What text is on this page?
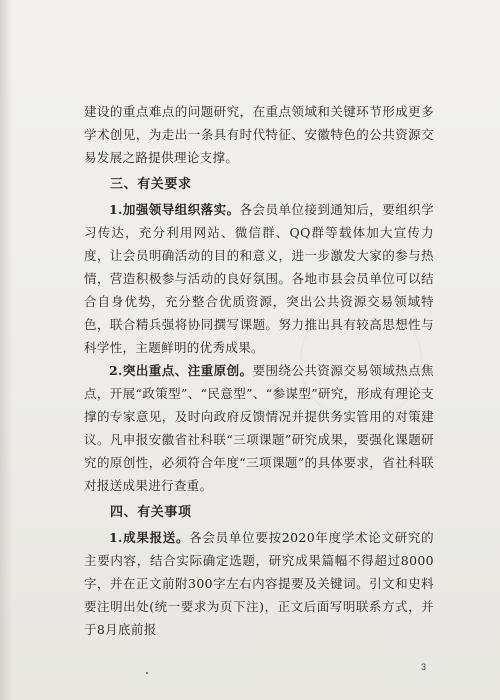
建设的重点难点的问题研究，在重点领域和关键环节形成更多学术创见，为走出一条具有时代特征、安徽特色的公共资源交易发展之路提供理论支撑。

三、有关要求

1.加强领导组织落实。各会员单位接到通知后，要组织学习传达，充分利用网站、微信群、QQ群等载体加大宣传力度，让会员明确活动的目的和意义，进一步激发大家的参与热情，营造积极参与活动的良好氛围。各地市县会员单位可以结合自身优势，充分整合优质资源，突出公共资源交易领域特色，联合精兵强将协同撰写课题。努力推出具有较高思想性与科学性，主题鲜明的优秀成果。

2.突出重点、注重原创。要围绕公共资源交易领域热点焦点，开展“政策型”、“民意型”、“参谋型”研究，形成有理论支撑的专家意见，及时向政府反馈情况并提供务实管用的对策建议。凡申报安徽省社科联“三项课题”研究成果，要强化课题研究的原创性，必须符合年度“三项课题”的具体要求，省社科联对报送成果进行查重。

四、有关事项

1.成果报送。各会员单位要按2020年度学术论文研究的主要内容，结合实际确定选题，研究成果篇幅不得超过8000字，并在正文前附300字左右内容提要及关键词。引文和史料要注明出处(统一要求为页下注)，正文后面写明联系方式，并于8月底前报

3
